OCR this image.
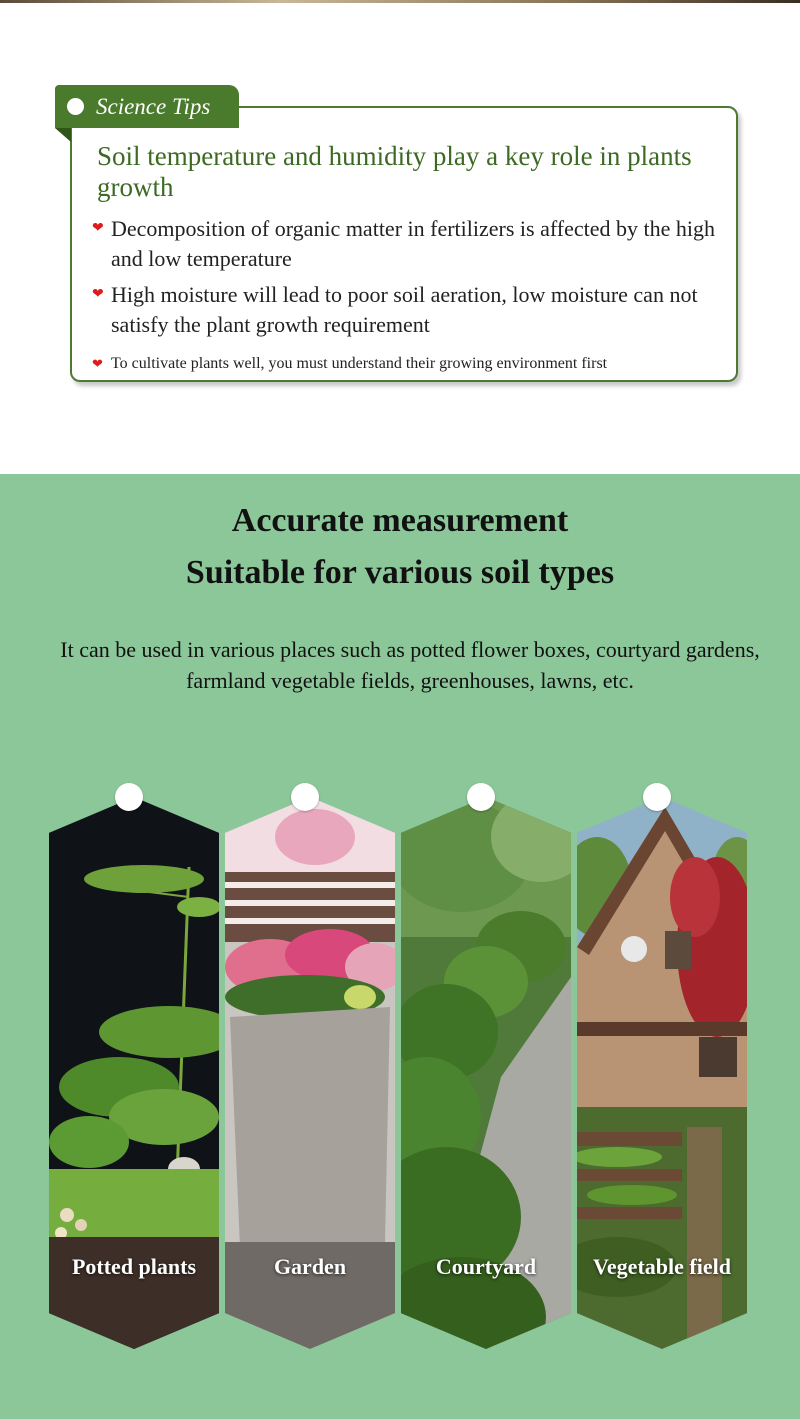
Science Tips
Soil temperature and humidity play a key role in plants growth
❤ Decomposition of organic matter in fertilizers is affected by the high and low temperature
❤ High moisture will lead to poor soil aeration, low moisture can not satisfy the plant growth requirement
❤ To cultivate plants well, you must understand their growing environment first
Accurate measurement
Suitable for various soil types
It can be used in various places such as potted flower boxes, courtyard gardens, farmland vegetable fields, greenhouses, lawns, etc.
Potted plants	Garden	Courtyard	Vegetable field
